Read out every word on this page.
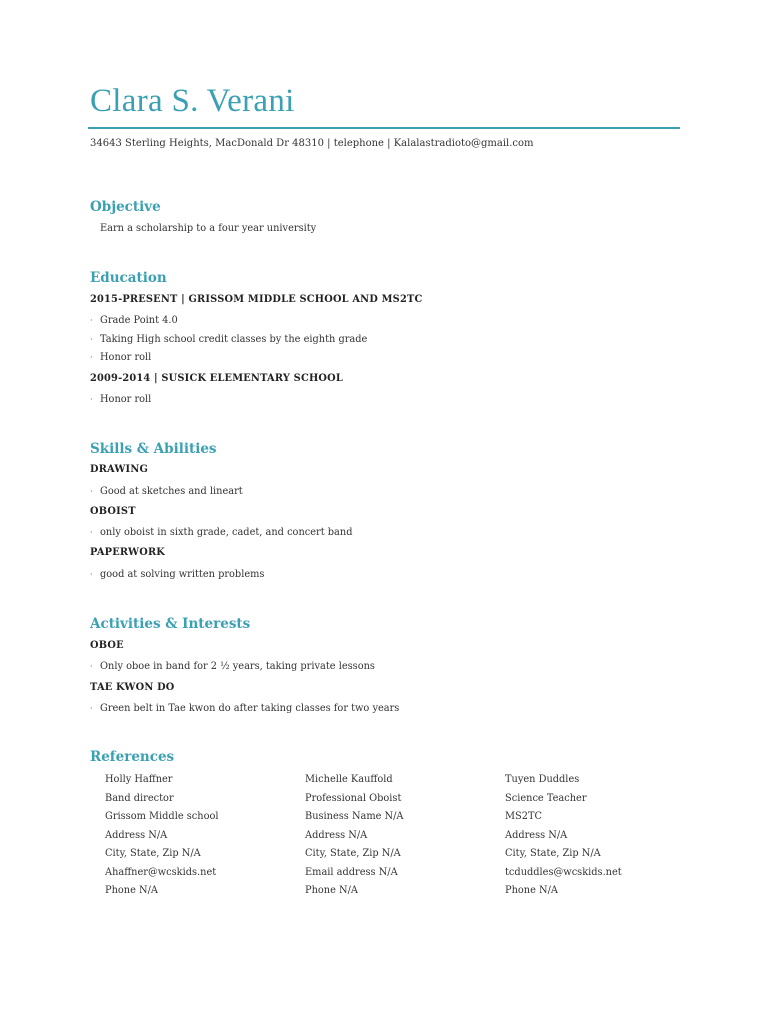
Clara S. Verani
34643 Sterling Heights, MacDonald Dr 48310 | telephone | Kalalastradioto@gmail.com
Objective
Earn a scholarship to a four year university
Education
2015-PRESENT | GRISSOM MIDDLE SCHOOL AND MS2TC
· Grade Point 4.0
· Taking High school credit classes by the eighth grade
· Honor roll
2009-2014 | SUSICK ELEMENTARY SCHOOL
· Honor roll
Skills & Abilities
DRAWING
· Good at sketches and lineart
OBOIST
· only oboist in sixth grade, cadet, and concert band
PAPERWORK
· good at solving written problems
Activities & Interests
OBOE
· Only oboe in band for 2 ½ years, taking private lessons
TAE KWON DO
· Green belt in Tae kwon do after taking classes for two years
References
Holly Haffner
Band director
Grissom Middle school
Address N/A
City, State, Zip N/A
Ahaffner@wcskids.net
Phone N/A
Michelle Kauffold
Professional Oboist
Business Name N/A
Address N/A
City, State, Zip N/A
Email address N/A
Phone N/A
Tuyen Duddles
Science Teacher
MS2TC
Address N/A
City, State, Zip N/A
tcduddles@wcskids.net
Phone N/A
